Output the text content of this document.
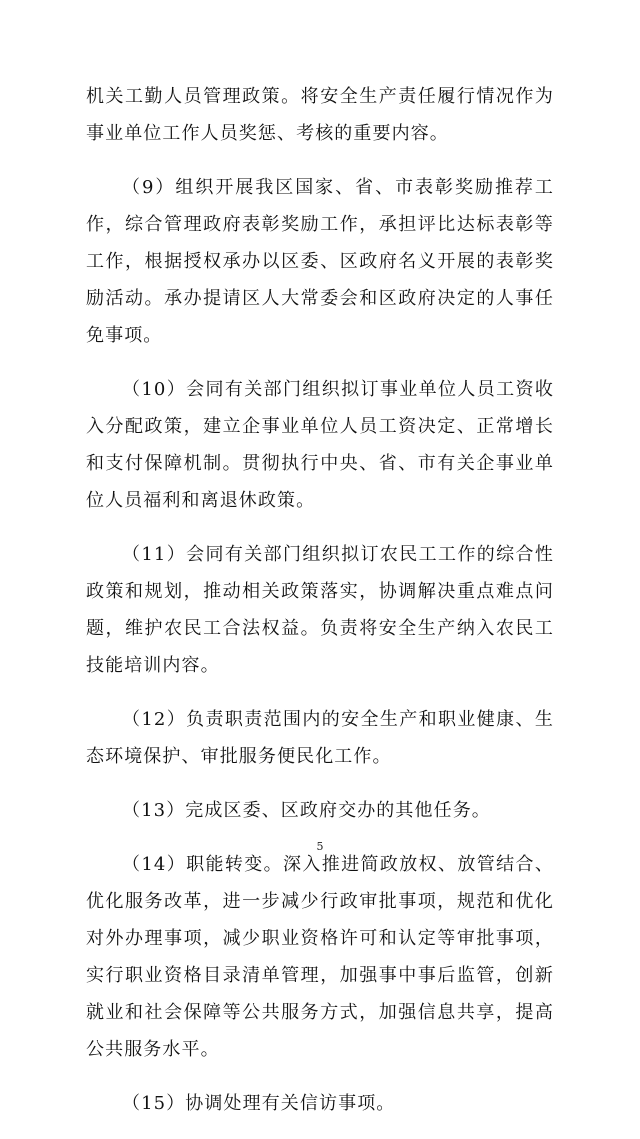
机关工勤人员管理政策。将安全生产责任履行情况作为事业单位工作人员奖惩、考核的重要内容。

（9）组织开展我区国家、省、市表彰奖励推荐工作，综合管理政府表彰奖励工作，承担评比达标表彰等工作，根据授权承办以区委、区政府名义开展的表彰奖励活动。承办提请区人大常委会和区政府决定的人事任免事项。

（10）会同有关部门组织拟订事业单位人员工资收入分配政策，建立企事业单位人员工资决定、正常增长和支付保障机制。贯彻执行中央、省、市有关企事业单位人员福利和离退休政策。

（11）会同有关部门组织拟订农民工工作的综合性政策和规划，推动相关政策落实，协调解决重点难点问题，维护农民工合法权益。负责将安全生产纳入农民工技能培训内容。

（12）负责职责范围内的安全生产和职业健康、生态环境保护、审批服务便民化工作。

（13）完成区委、区政府交办的其他任务。

（14）职能转变。深入推进简政放权、放管结合、优化服务改革，进一步减少行政审批事项，规范和优化对外办理事项，减少职业资格许可和认定等审批事项，实行职业资格目录清单管理，加强事中事后监管，创新就业和社会保障等公共服务方式，加强信息共享，提高公共服务水平。

（15）协调处理有关信访事项。

5
